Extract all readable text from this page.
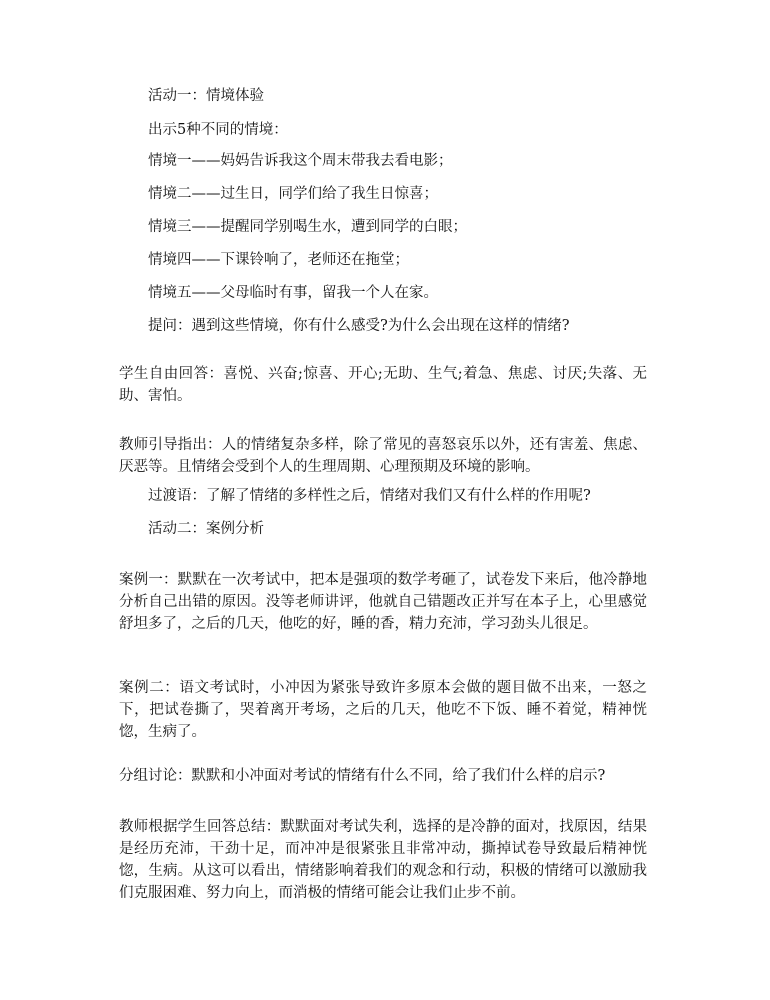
活动一：情境体验

出示5种不同的情境：

情境一——妈妈告诉我这个周末带我去看电影；

情境二——过生日，同学们给了我生日惊喜；

情境三——提醒同学别喝生水，遭到同学的白眼；

情境四——下课铃响了，老师还在拖堂；

情境五——父母临时有事，留我一个人在家。

提问：遇到这些情境，你有什么感受?为什么会出现在这样的情绪?

学生自由回答：喜悦、兴奋;惊喜、开心;无助、生气;着急、焦虑、讨厌;失落、无助、害怕。

教师引导指出：人的情绪复杂多样，除了常见的喜怒哀乐以外，还有害羞、焦虑、厌恶等。且情绪会受到个人的生理周期、心理预期及环境的影响。

过渡语：了解了情绪的多样性之后，情绪对我们又有什么样的作用呢?

活动二：案例分析

案例一：默默在一次考试中，把本是强项的数学考砸了，试卷发下来后，他冷静地分析自己出错的原因。没等老师讲评，他就自己错题改正并写在本子上，心里感觉舒坦多了，之后的几天，他吃的好，睡的香，精力充沛，学习劲头儿很足。

案例二：语文考试时，小冲因为紧张导致许多原本会做的题目做不出来，一怒之下，把试卷撕了，哭着离开考场，之后的几天，他吃不下饭、睡不着觉，精神恍惚，生病了。

分组讨论：默默和小冲面对考试的情绪有什么不同，给了我们什么样的启示?

教师根据学生回答总结：默默面对考试失利，选择的是冷静的面对，找原因，结果是经历充沛，干劲十足，而冲冲是很紧张且非常冲动，撕掉试卷导致最后精神恍惚，生病。从这可以看出，情绪影响着我们的观念和行动，积极的情绪可以激励我们克服困难、努力向上，而消极的情绪可能会让我们止步不前。
